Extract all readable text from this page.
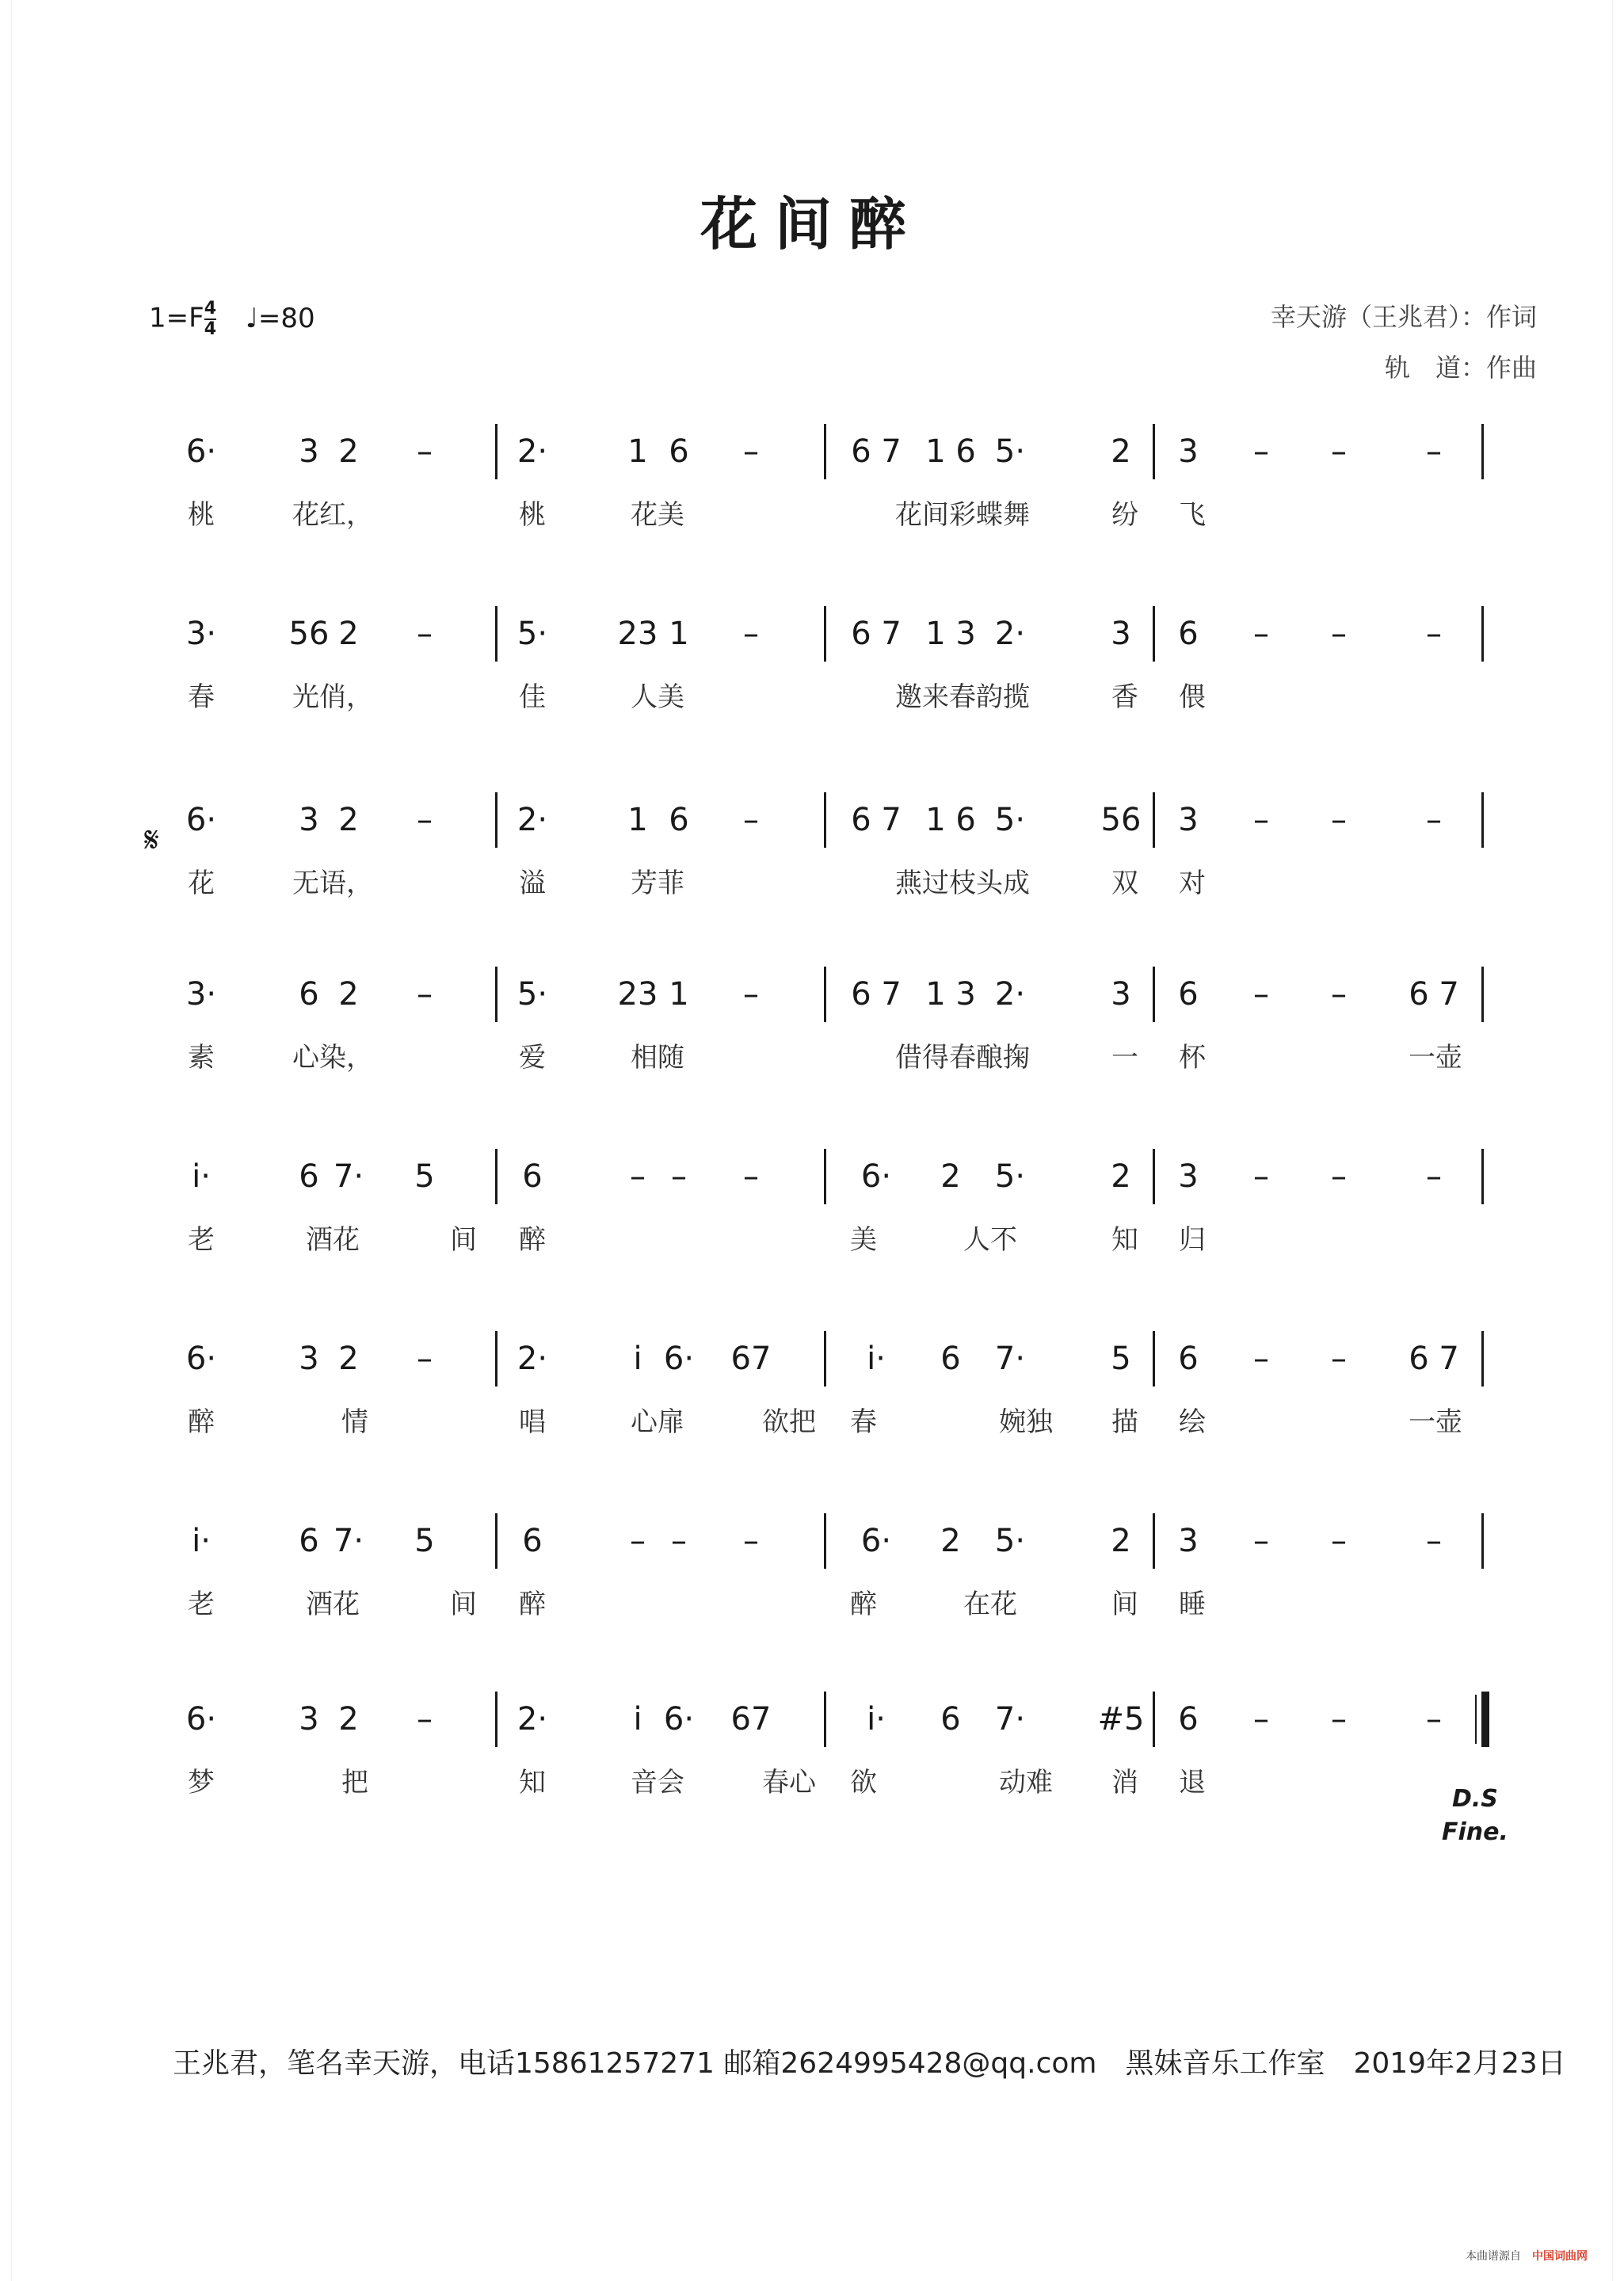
花间醉
$1=F \frac{4}{4}$ ♩=80	幸天游（王兆君）：作词
轨　道：作曲
𝄋
6·	3 2 –	2·	1 6 –	6 7 1 6 5·	2 3 – –	–
桃	花红，	桃	花美	花间彩蝶舞	纷 飞
3· 56 2 –	5· 23 1 –	6 7 1 3 2·	3 6 – –	–
春	光俏，	佳	人美	邀来春韵揽	香 偎
6·	3 2 –	2·	1 6 –	6 7 1 6 5· 56 3 – –	–
花	无语，	溢	芳菲	燕过枝头成	双 对
3·	6 2 –	5· 23 1 –	6 7 1 3 2·	3 6 – – 6 7
素	心染，	爱	相随	借得春酿掬	一 杯	一壶
i·	6 7· 5	6	– – –	6· 2 5·	2 3 – –	–
老	酒花	间 醉	美	人不	知 归
6·	3 2 –	2·	i 6· 67	i· 6 7·	5 6 – – 6 7
醉	情	唱	心扉	欲把 春	婉独 描 绘	一壶
i·	6 7· 5	6	– – –	6· 2 5·	2 3 – –	–
老	酒花	间 醉	醉	在花	间 睡
6·	3 2 –	2·	i 6· 67	i· 6 7· #5 6 – –	–
梦	把	知	音会	春心 欲	动难 消 退
D.S
Fine.
王兆君，笔名幸天游，电话15861257271 邮箱2624995428@qq.com　黑妹音乐工作室　2019年2月23日
本曲谱源自　 中国词曲网
